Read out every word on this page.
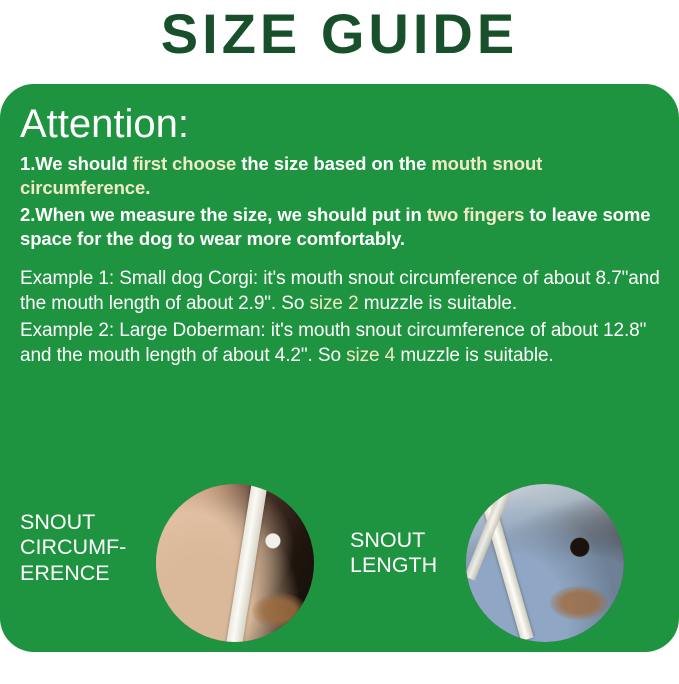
SIZE GUIDE
Attention:

1.We should first choose the size based on the mouth snout circumference.

2.When we measure the size, we should put in two fingers to leave some space for the dog to wear more comfortably.

Example 1: Small dog Corgi: it's mouth snout circumference of about 8.7"and the mouth length of about 2.9". So size 2 muzzle is suitable.

Example 2: Large Doberman: it's mouth snout circumference of about 12.8" and the mouth length of about 4.2". So size 4 muzzle is suitable.

SNOUT
CIRCUMF-
ERENCE
SNOUT
LENGTH
